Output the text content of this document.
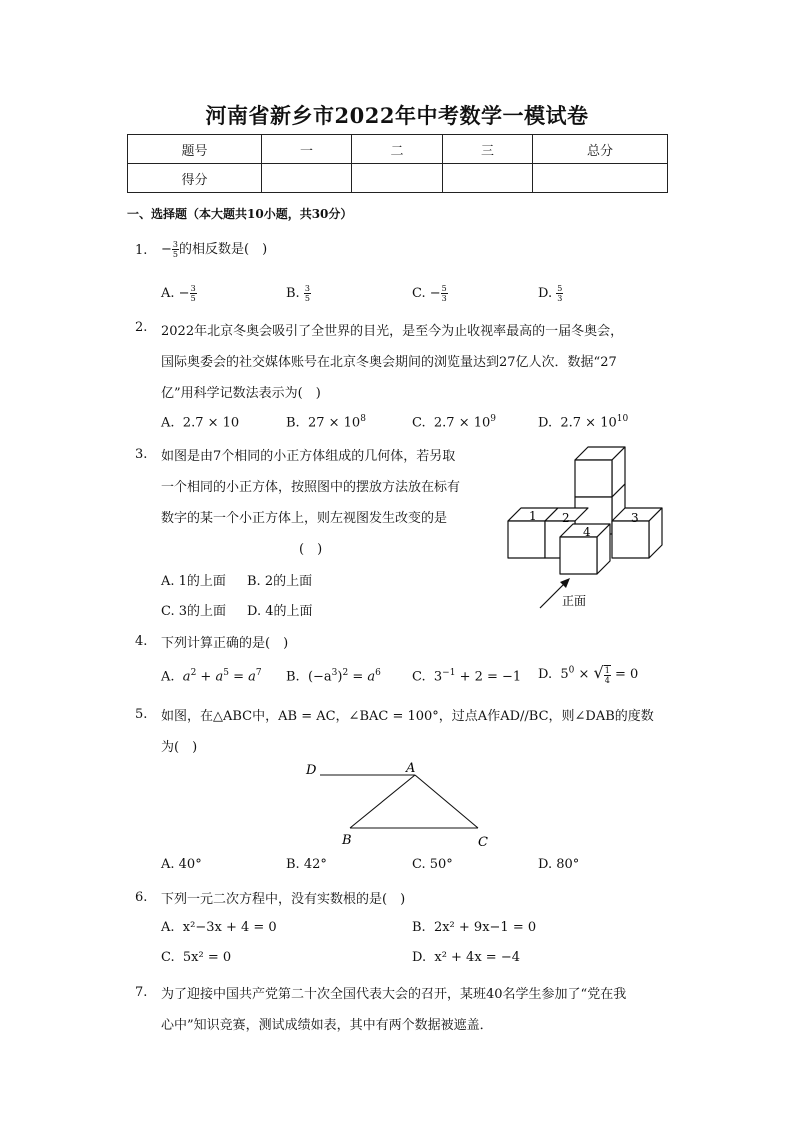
河南省新乡市2022年中考数学一模试卷
题号	一	二	三	总分
得分				
一、选择题（本大题共10小题，共30分）
1. − $\frac{3}{5}$ 的相反数是(　)
A. − $\frac{3}{5}$	B. $\frac{3}{5}$	C. − $\frac{5}{3}$	D. $\frac{5}{3}$
2. 2022年北京冬奥会吸引了全世界的目光，是至今为止收视率最高的一届冬奥会，
国际奥委会的社交媒体账号在北京冬奥会期间的浏览量达到27亿人次．数据“27
亿”用科学记数法表示为(　)
A. 2.7 × 10	B. $27 \times 10^8$	C. $2.7 \times 10^9$	D. $2.7 \times 10^{10}$
3. 如图是由7个相同的小正方体组成的几何体，若另取
一个相同的小正方体，按照图中的摆放方法放在标有
数字的某一个小正方体上，则左视图发生改变的是
(　)
A. 1的上面 B. 2的上面
C. 3的上面 D. 4的上面
1 2	3
4
正面
4. 下列计算正确的是(　)
A. $a^2 + a^5 = a^7$ B. $(-a^3)^2 = a^6$ C. $3^{-1} + 2 = -1$ D. $5^0$ × √ $\frac{1}{4} = 0$
5. 如图，在△ABC中，AB = AC，∠BAC = 100°，过点A作AD//BC，则∠DAB的度数
为(　)
D	A
B	C
A. 40°	B. 42°	C. 50°	D. 80°
6. 下列一元二次方程中，没有实数根的是(　)
A. x²−3x + 4 = 0	B. 2x² + 9x−1 = 0
C. 5x² = 0	D. x² + 4x = −4
7. 为了迎接中国共产党第二十次全国代表大会的召开，某班40名学生参加了“党在我
心中”知识竞赛，测试成绩如表，其中有两个数据被遮盖．
